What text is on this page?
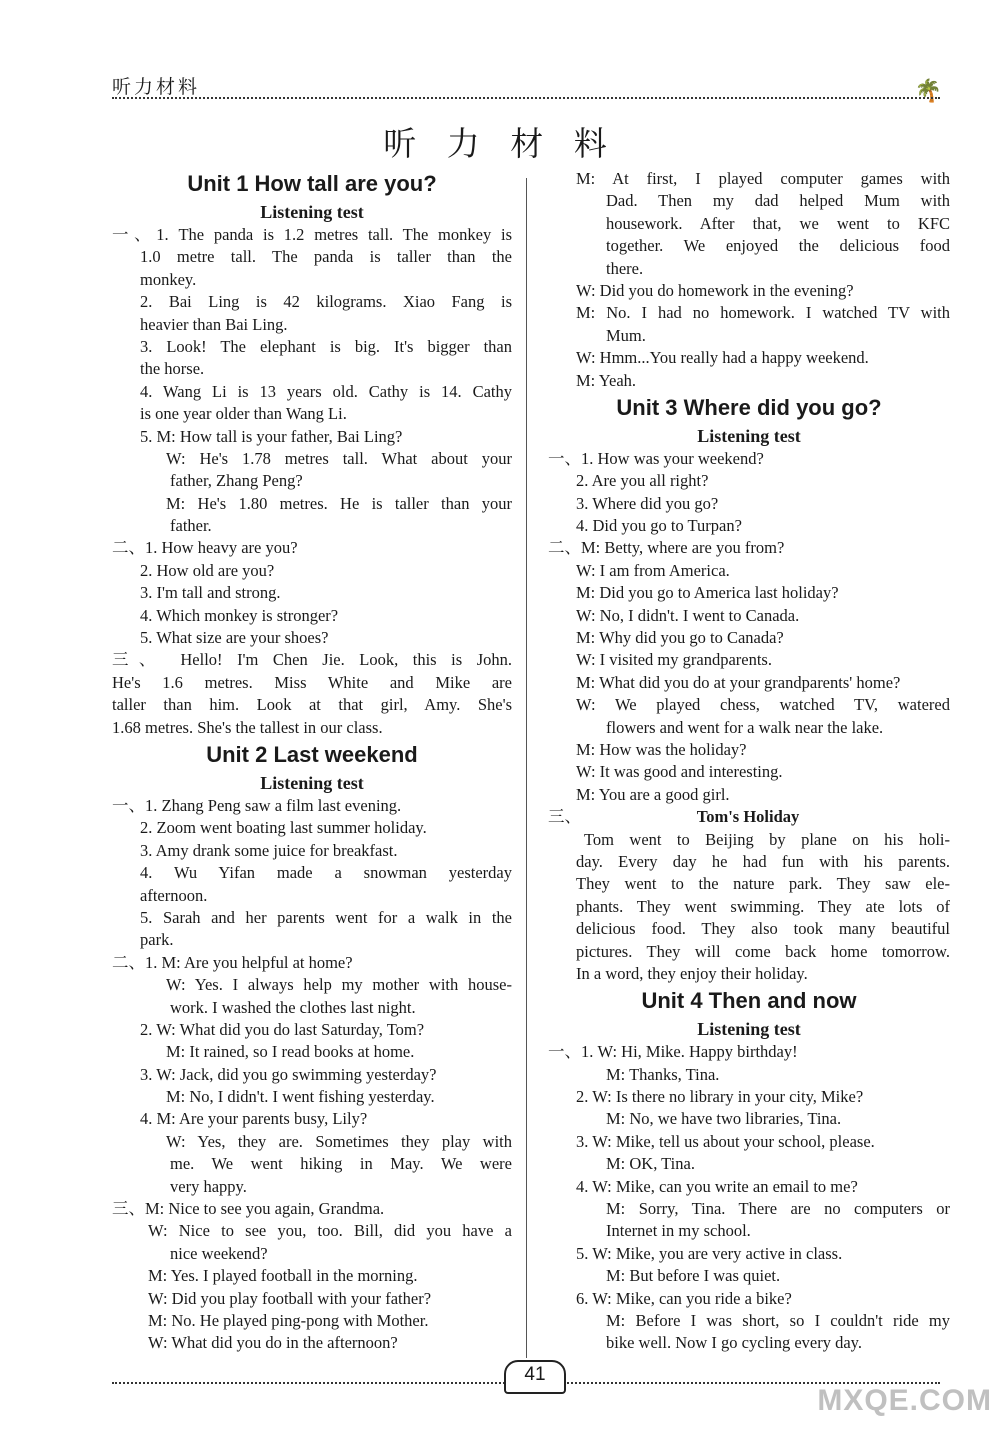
听力材料	🌴
听 力 材 料
Unit 1 How tall are you?
Listening test
一、1. The panda is 1.2 metres tall. The monkey is
1.0 metre tall. The panda is taller than the
monkey.
2. Bai Ling is 42 kilograms. Xiao Fang is
heavier than Bai Ling.
3. Look! The elephant is big. It's bigger than
the horse.
4. Wang Li is 13 years old. Cathy is 14. Cathy
is one year older than Wang Li.
5. M: How tall is your father, Bai Ling?
W: He's 1.78 metres tall. What about your
father, Zhang Peng?
M: He's 1.80 metres. He is taller than your
father.
二、1. How heavy are you?
2. How old are you?
3. I'm tall and strong.
4. Which monkey is stronger?
5. What size are your shoes?
三、 Hello! I'm Chen Jie. Look, this is John.
He's 1.6 metres. Miss White and Mike are
taller than him. Look at that girl, Amy. She's
1.68 metres. She's the tallest in our class.
Unit 2 Last weekend
Listening test
一、1. Zhang Peng saw a film last evening.
2. Zoom went boating last summer holiday.
3. Amy drank some juice for breakfast.
4. Wu Yifan made a snowman yesterday
afternoon.
5. Sarah and her parents went for a walk in the
park.
二、1. M: Are you helpful at home?
W: Yes. I always help my mother with house-
work. I washed the clothes last night.
2. W: What did you do last Saturday, Tom?
M: It rained, so I read books at home.
3. W: Jack, did you go swimming yesterday?
M: No, I didn't. I went fishing yesterday.
4. M: Are your parents busy, Lily?
W: Yes, they are. Sometimes they play with
me. We went hiking in May. We were
very happy.
三、M: Nice to see you again, Grandma.
W: Nice to see you, too. Bill, did you have a
nice weekend?
M: Yes. I played football in the morning.
W: Did you play football with your father?
M: No. He played ping-pong with Mother.
W: What did you do in the afternoon?
M: At first, I played computer games with
Dad. Then my dad helped Mum with
housework. After that, we went to KFC
together. We enjoyed the delicious food
there.
W: Did you do homework in the evening?
M: No. I had no homework. I watched TV with
Mum.
W: Hmm...You really had a happy weekend.
M: Yeah.
Unit 3 Where did you go?
Listening test
一、1. How was your weekend?
2. Are you all right?
3. Where did you go?
4. Did you go to Turpan?
二、M: Betty, where are you from?
W: I am from America.
M: Did you go to America last holiday?
W: No, I didn't. I went to Canada.
M: Why did you go to Canada?
W: I visited my grandparents.
M: What did you do at your grandparents' home?
W: We played chess, watched TV, watered
flowers and went for a walk near the lake.
M: How was the holiday?
W: It was good and interesting.
M: You are a good girl.
三、	Tom's Holiday
Tom went to Beijing by plane on his holi-
day. Every day he had fun with his parents.
They went to the nature park. They saw ele-
phants. They went swimming. They ate lots of
delicious food. They also took many beautiful
pictures. They will come back home tomorrow.
In a word, they enjoy their holiday.
Unit 4 Then and now
Listening test
一、1. W: Hi, Mike. Happy birthday!
M: Thanks, Tina.
2. W: Is there no library in your city, Mike?
M: No, we have two libraries, Tina.
3. W: Mike, tell us about your school, please.
M: OK, Tina.
4. W: Mike, can you write an email to me?
M: Sorry, Tina. There are no computers or
Internet in my school.
5. W: Mike, you are very active in class.
M: But before I was quiet.
6. W: Mike, can you ride a bike?
M: Before I was short, so I couldn't ride my
bike well. Now I go cycling every day.
41
MXQE.COM
